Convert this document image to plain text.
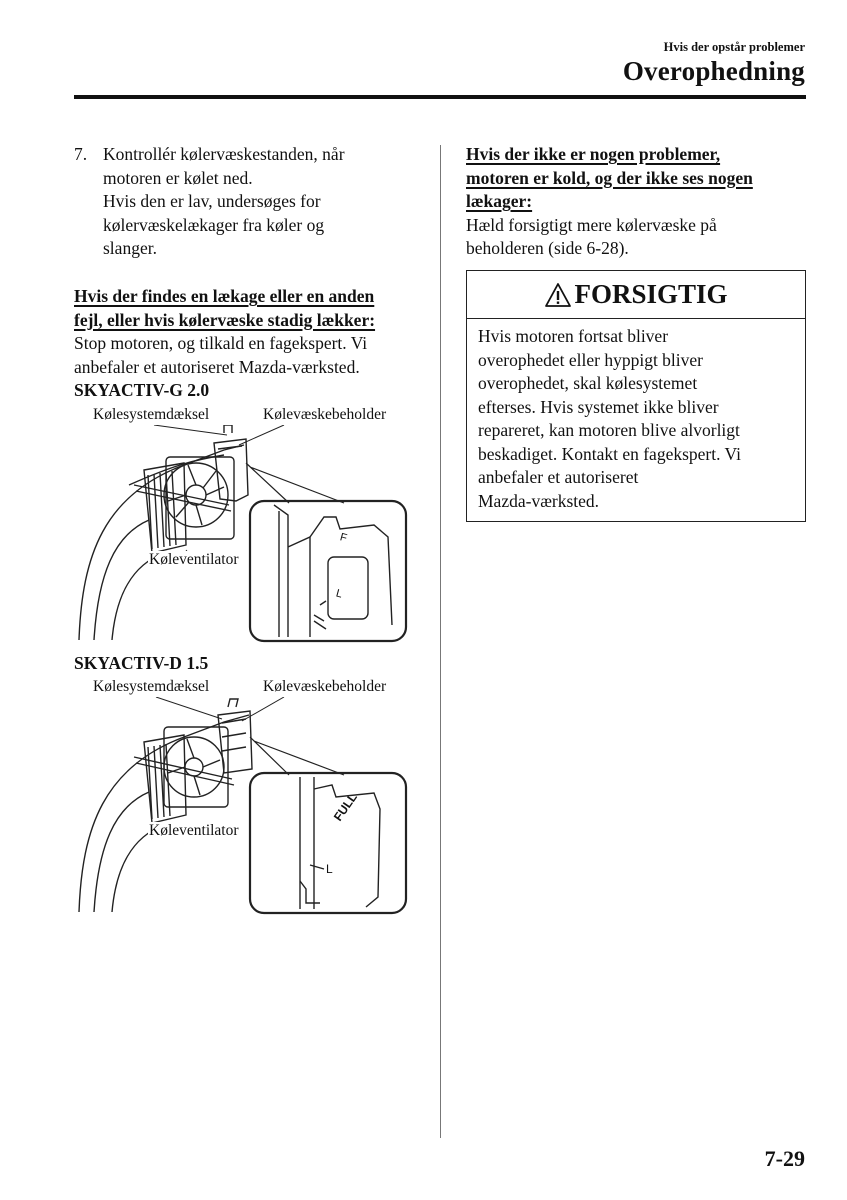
Hvis der opstår problemer
Overophedning
7. Kontrollér kølervæskestanden, når
motoren er kølet ned.
Hvis den er lav, undersøges for
kølervæskelækager fra køler og
slanger.
Hvis der findes en lækage eller en anden
fejl, eller hvis kølervæske stadig lækker:
Stop motoren, og tilkald en fagekspert. Vi
anbefaler et autoriseret Mazda-værksted.
SKYACTIV-G 2.0
Kølesystemdæksel	Kølevæskebeholder
Køleventilator
F
L
SKYACTIV-D 1.5
Kølesystemdæksel	Kølevæskebeholder
Køleventilator
FULL
L
Hvis der ikke er nogen problemer,
motoren er kold, og der ikke ses nogen
lækager:
Hæld forsigtigt mere kølervæske på
beholderen (side 6-28).
FORSIGTIG
Hvis motoren fortsat bliver
overophedet eller hyppigt bliver
overophedet, skal kølesystemet
efterses. Hvis systemet ikke bliver
repareret, kan motoren blive alvorligt
beskadiget. Kontakt en fagekspert. Vi
anbefaler et autoriseret
Mazda-værksted.
7-29
